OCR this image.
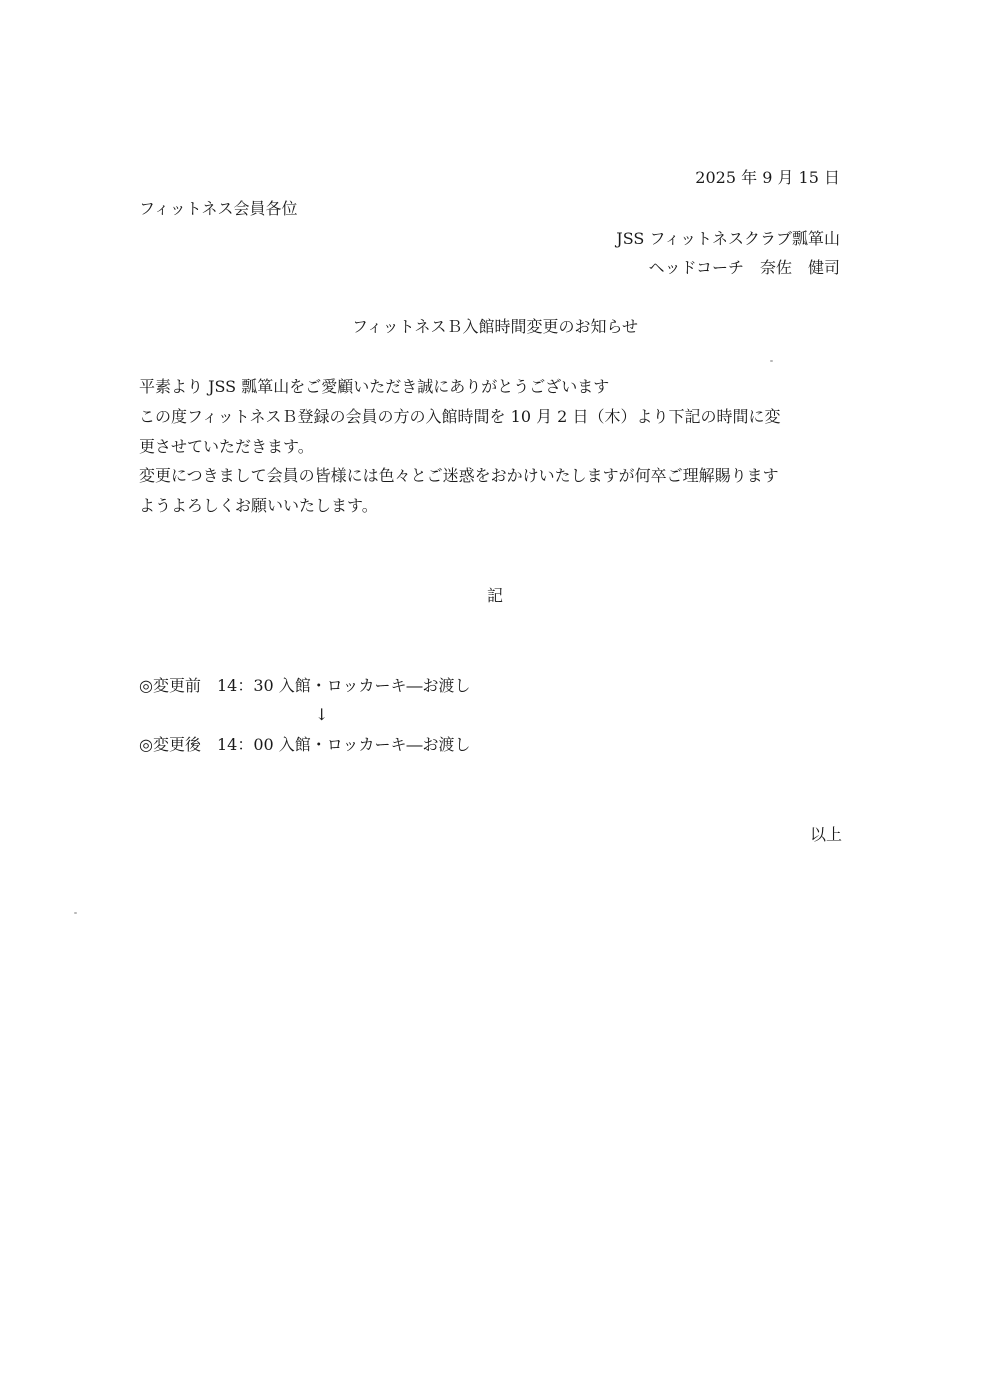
2025 年 9 月 15 日
フィットネス会員各位
JSS フィットネスクラブ瓢箪山
ヘッドコーチ　奈佐　健司
フィットネスＢ入館時間変更のお知らせ
平素より JSS 瓢箪山をご愛顧いただき誠にありがとうございます
この度フィットネスＢ登録の会員の方の入館時間を 10 月 2 日（木）より下記の時間に変
更させていただきます。
変更につきまして会員の皆様には色々とご迷惑をおかけいたしますが何卒ご理解賜ります
ようよろしくお願いいたします。
記
◎変更前　14：30 入館・ロッカーキ―お渡し
↓
◎変更後　14：00 入館・ロッカーキ―お渡し
以上
